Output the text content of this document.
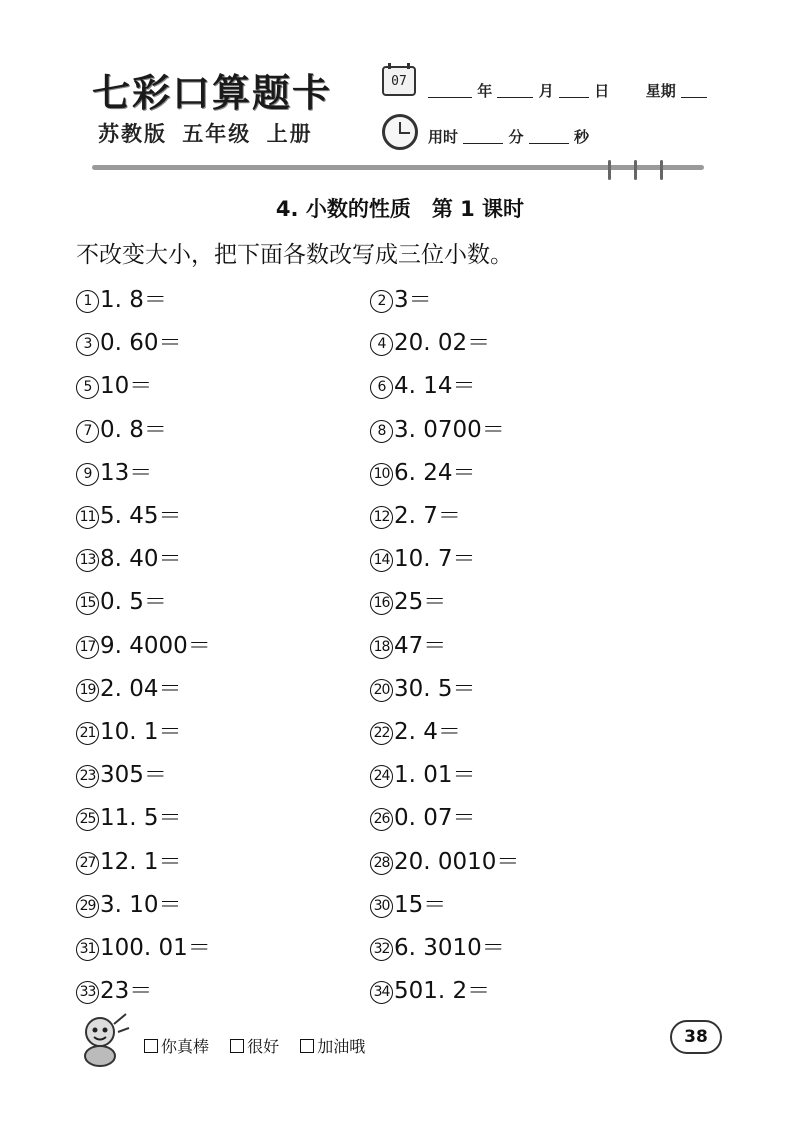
七彩口算题卡
苏教版 五年级 上册
07
年	月	日 星期
用时	分	秒
4. 小数的性质　第 1 课时
不改变大小，把下面各数改写成三位小数。
1 1. 8＝	2 3＝
3 0. 60＝	4 20. 02＝
5 10＝	6 4. 14＝
7 0. 8＝	8 3. 0700＝
9 13＝	10 6. 24＝
11 5. 45＝	12 2. 7＝
13 8. 40＝	14 10. 7＝
15 0. 5＝	16 25＝
17 9. 4000＝	18 47＝
19 2. 04＝	20 30. 5＝
21 10. 1＝	22 2. 4＝
23 305＝	24 1. 01＝
25 11. 5＝	26 0. 07＝
27 12. 1＝	28 20. 0010＝
29 3. 10＝	30 15＝
31 100. 01＝	32 6. 3010＝
33 23＝	34 501. 2＝
你真棒 很好 加油哦	38
